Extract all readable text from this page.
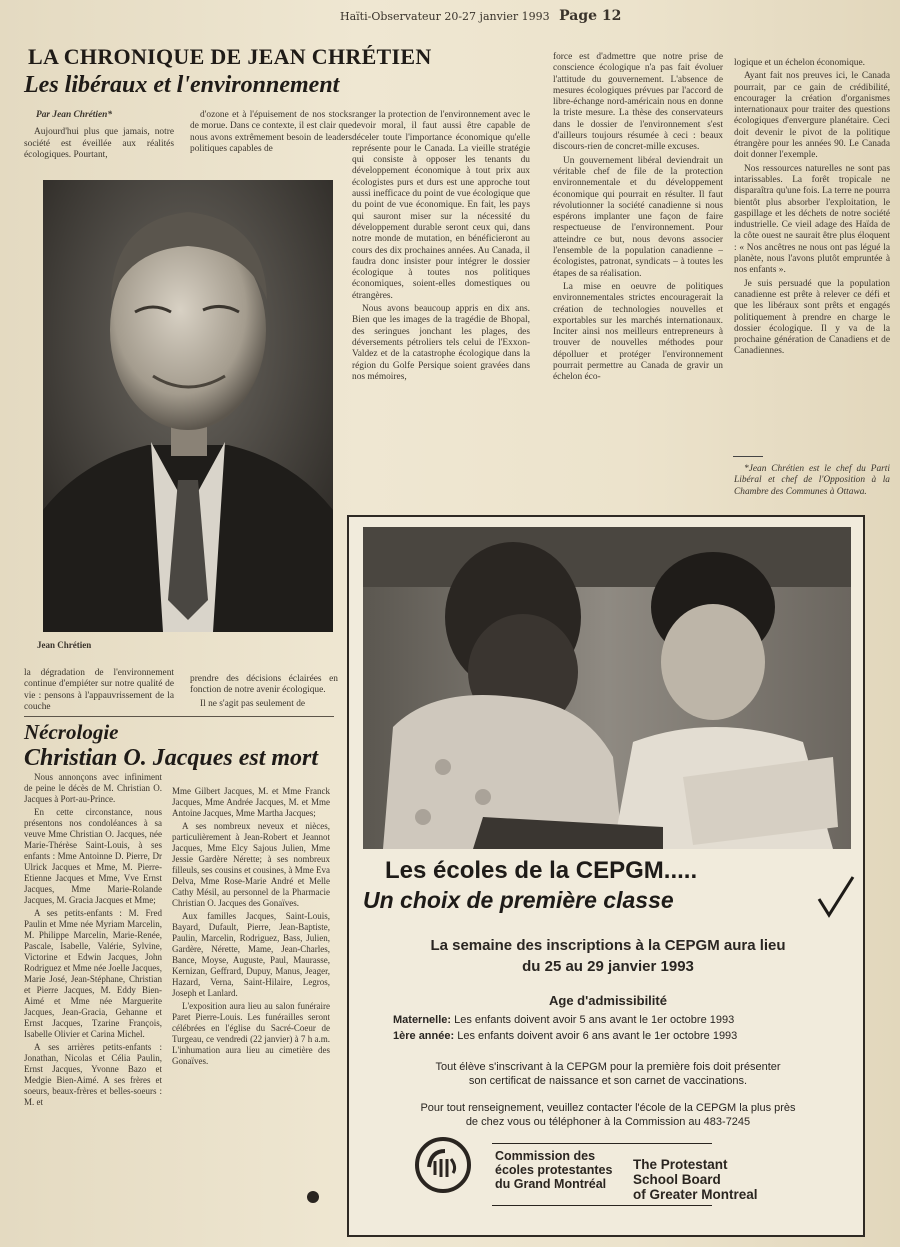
Haïti-Observateur 20-27 janvier 1993 Page 12
LA CHRONIQUE DE JEAN CHRÉTIEN
Les libéraux et l'environnement

Par Jean Chrétien*

Aujourd'hui plus que jamais, notre société est éveillée aux réalités écologiques. Pourtant,

d'ozone et à l'épuisement de nos stocks de morue. Dans ce contexte, il est clair que nous avons extrêmement besoin de leaders politiques capables de

Jean Chrétien

la dégradation de l'environnement continue d'empiéter sur notre qualité de vie : pensons à l'appauvrissement de la couche

prendre des décisions éclairées en fonction de notre avenir écologique.

Il ne s'agit pas seulement de

ranger la protection de l'environnement avec le devoir moral, il faut aussi être capable de déceler toute l'importance économique qu'elle représente pour le Canada. La vieille stratégie qui consiste à opposer les tenants du développement économique à tout prix aux écologistes purs et durs est une approche tout aussi inefficace du point de vue écologique que du point de vue économique. En fait, les pays qui sauront miser sur la nécessité du développement durable seront ceux qui, dans notre monde de mutation, en bénéficieront au cours des dix prochaines années. Au Canada, il faudra donc insister pour intégrer le dossier écologique à toutes nos politiques économiques, soient-elles domestiques ou étrangères.

Nous avons beaucoup appris en dix ans. Bien que les images de la tragédie de Bhopal, des seringues jonchant les plages, des déversements pétroliers tels celui de l'Exxon-Valdez et de la catastrophe écologique dans la région du Golfe Persique soient gravées dans nos mémoires,

force est d'admettre que notre prise de conscience écologique n'a pas fait évoluer l'attitude du gouvernement. L'absence de mesures écologiques prévues par l'accord de libre-échange nord-américain nous en donne la triste mesure. La thèse des conservateurs dans le dossier de l'environnement s'est d'ailleurs toujours résumée à ceci : beaux discours-rien de concret-mille excuses.

Un gouvernement libéral deviendrait un véritable chef de file de la protection environnementale et du développement économique qui pourrait en résulter. Il faut révolutionner la société canadienne si nous espérons implanter une façon de faire respectueuse de l'environnement. Pour atteindre ce but, nous devons associer l'ensemble de la population canadienne – écologistes, patronat, syndicats – à toutes les étapes de sa réalisation.

La mise en oeuvre de politiques environnementales strictes encouragerait la création de technologies nouvelles et exportables sur les marchés internationaux. Inciter ainsi nos meilleurs entrepreneurs à trouver de nouvelles méthodes pour dépolluer et protéger l'environnement pourrait permettre au Canada de gravir un échelon éco-

logique et un échelon économique.

Ayant fait nos preuves ici, le Canada pourrait, par ce gain de crédibilité, encourager la création d'organismes internationaux pour traiter des questions écologiques d'envergure planétaire. Ceci doit devenir le pivot de la politique étrangère pour les années 90. Le Canada doit donner l'exemple.

Nos ressources naturelles ne sont pas intarissables. La forêt tropicale ne disparaîtra qu'une fois. La terre ne pourra bientôt plus absorber l'exploitation, le gaspillage et les déchets de notre société industrielle. Ce vieil adage des Haïda de la côte ouest ne saurait être plus éloquent : « Nos ancêtres ne nous ont pas légué la planète, nous l'avons plutôt empruntée à nos enfants ».

Je suis persuadé que la population canadienne est prête à relever ce défi et que les libéraux sont prêts et engagés politiquement à prendre en charge le dossier écologique. Il y va de la prochaine génération de Canadiens et de Canadiennes.

*Jean Chrétien est le chef du Parti Libéral et chef de l'Opposition à la Chambre des Communes à Ottawa.

Nécrologie
Christian O. Jacques est mort

Nous annonçons avec infiniment de peine le décès de M. Christian O. Jacques à Port-au-Prince.

En cette circonstance, nous présentons nos condoléances à sa veuve Mme Christian O. Jacques, née Marie-Thérèse Saint-Louis, à ses enfants : Mme Antoinne D. Pierre, Dr Ulrick Jacques et Mme, M. Pierre-Etienne Jacques et Mme, Vve Ernst Jacques, Mme Marie-Rolande Jacques, M. Gracia Jacques et Mme;

A ses petits-enfants : M. Fred Paulin et Mme née Myriam Marcelin, M. Philippe Marcelin, Marie-Renée, Pascale, Isabelle, Valérie, Sylvine, Victorine et Edwin Jacques, John Rodriguez et Mme née Joelle Jacques, Marie José, Jean-Stéphane, Christian et Pierre Jacques, M. Eddy Bien-Aimé et Mme née Marguerite Jacques, Jean-Gracia, Gehanne et Ernst Jacques, Tzarine François, Isabelle Olivier et Carina Michel.

A ses arrières petits-enfants : Jonathan, Nicolas et Célia Paulin, Ernst Jacques, Yvonne Bazo et Medgie Bien-Aimé. A ses frères et soeurs, beaux-frères et belles-soeurs : M. et

Mme Gilbert Jacques, M. et Mme Franck Jacques, Mme Andrée Jacques, M. et Mme Antoine Jacques, Mme Martha Jacques;

A ses nombreux neveux et nièces, particulièrement à Jean-Robert et Jeannot Jacques, Mme Elcy Sajous Julien, Mme Jessie Gardère Nérette; à ses nombreux filleuls, ses cousins et cousines, à Mme Eva Delva, Mme Rose-Marie André et Melle Cathy Mésil, au personnel de la Pharmacie Christian O. Jacques des Gonaïves.

Aux familles Jacques, Saint-Louis, Bayard, Dufault, Pierre, Jean-Baptiste, Paulin, Marcelin, Rodriguez, Bass, Julien, Gardère, Nérette, Mame, Jean-Charles, Bance, Moyse, Auguste, Paul, Maurasse, Kernizan, Geffrard, Dupuy, Manus, Jeager, Hazard, Verna, Saint-Hilaire, Legros, Joseph et Lanlard.

L'exposition aura lieu au salon funéraire Paret Pierre-Louis. Les funérailles seront célébrées en l'église du Sacré-Coeur de Turgeau, ce vendredi (22 janvier) à 7 h a.m. L'inhumation aura lieu au cimetière des Gonaïves.

Les écoles de la CEPGM.....
Un choix de première classe
La semaine des inscriptions à la CEPGM aura lieu
du 25 au 29 janvier 1993
Age d'admissibilité
Maternelle: Les enfants doivent avoir 5 ans avant le 1er octobre 1993
1ère année: Les enfants doivent avoir 6 ans avant le 1er octobre 1993
Tout élève s'inscrivant à la CEPGM pour la première fois doit présenter
son certificat de naissance et son carnet de vaccinations.
Pour tout renseignement, veuillez contacter l'école de la CEPGM la plus près
de chez vous ou téléphoner à la Commission au 483-7245
Commission des
écoles protestantes
du Grand Montréal
The Protestant
School Board
of Greater Montreal
